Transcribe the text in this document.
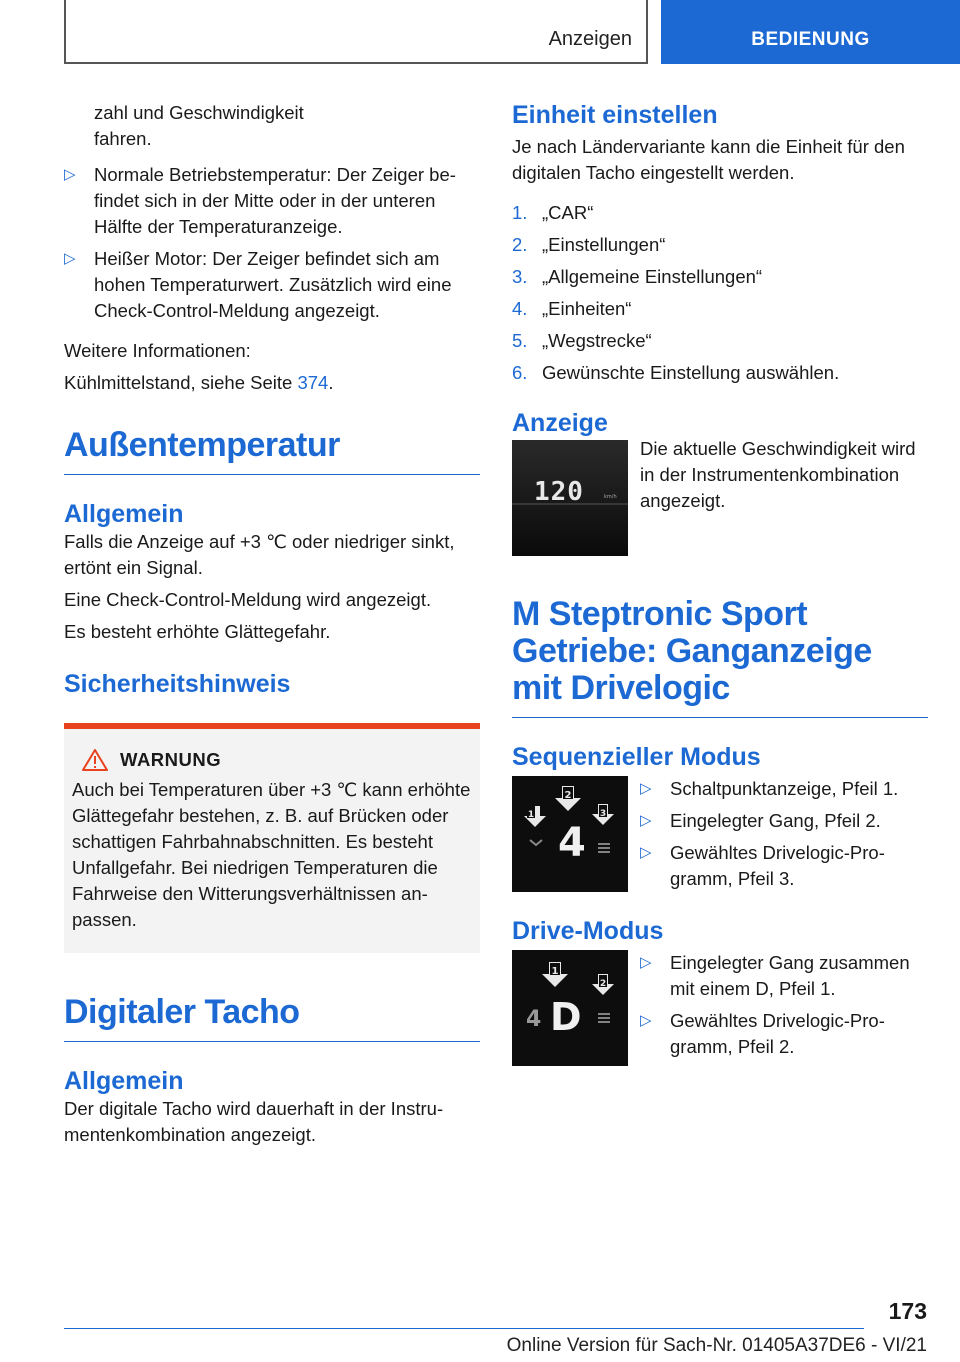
Anzeigen	BEDIENUNG

zahl und Geschwindigkeit

fahren.

▷ Normale Betriebstemperatur: Der Zeiger befindet sich in der Mitte oder in der unteren Hälfte der Temperaturanzeige.
▷ Heißer Motor: Der Zeiger befindet sich am hohen Temperaturwert. Zusätzlich wird eine Check-Control-Meldung angezeigt.

Weitere Informationen:

Kühlmittelstand, siehe Seite 374.

Außentemperatur
Allgemein

Falls die Anzeige auf +3 ℃ oder niedriger sinkt, ertönt ein Signal.

Eine Check-Control-Meldung wird angezeigt.

Es besteht erhöhte Glättegefahr.

Sicherheitshinweis
WARNUNG

Auch bei Temperaturen über +3 ℃ kann erhöhte Glättegefahr bestehen, z. B. auf Brücken oder schattigen Fahrbahnabschnitten. Es besteht Unfallgefahr. Bei niedrigen Temperaturen die Fahrweise den Witterungsverhältnissen anpassen.

Digitaler Tacho
Allgemein

Der digitale Tacho wird dauerhaft in der Instrumentenkombination angezeigt.

Einheit einstellen

Je nach Ländervariante kann die Einheit für den digitalen Tacho eingestellt werden.

1. „CAR“
2. „Einstellungen“
3. „Allgemeine Einstellungen“
4. „Einheiten“
5. „Wegstrecke“
6. Gewünschte Einstellung auswählen.
Anzeige
120	km/h

Die aktuelle Geschwindigkeit wird in der Instrumentenkombination angezeigt.

M Steptronic Sport Getriebe: Ganganzeige mit Drivelogic
Sequenzieller Modus
1
2
3
4
▷ Schaltpunktanzeige, Pfeil 1.
▷ Eingelegter Gang, Pfeil 2.
▷ Gewähltes Drivelogic-Programm, Pfeil 3.
Drive-Modus
1
2
4 D
▷ Eingelegter Gang zusammen mit einem D, Pfeil 1.
▷ Gewähltes Drivelogic-Programm, Pfeil 2.
173
Online Version für Sach-Nr. 01405A37DE6 - VI/21
